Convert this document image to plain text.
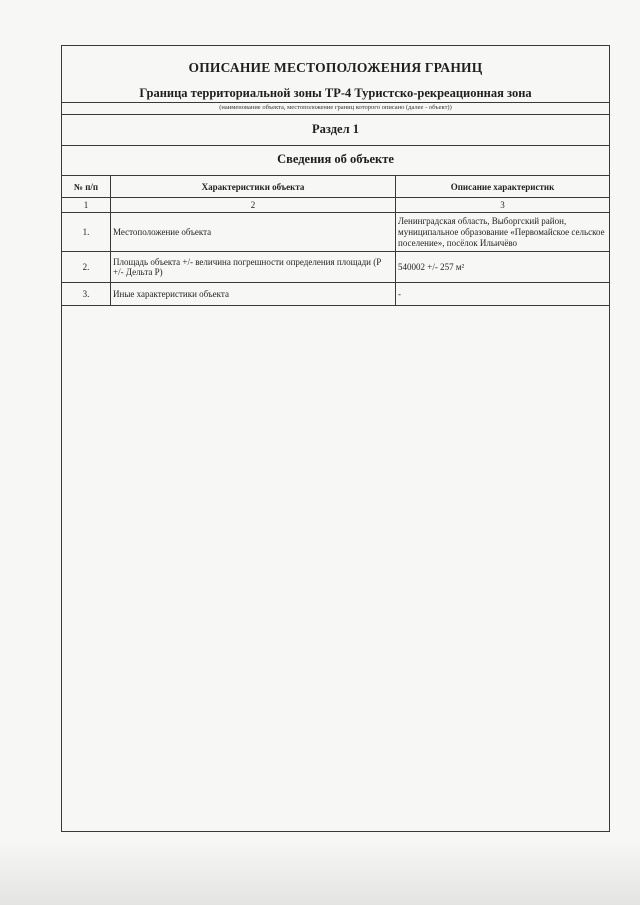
ОПИСАНИЕ МЕСТОПОЛОЖЕНИЯ ГРАНИЦ
Граница территориальной зоны ТР-4 Туристско-рекреационная зона
(наименование объекта, местоположение границ которого описано (далее - объект))
Раздел 1
Сведения об объекте
№ п/п	Характеристики объекта	Описание характеристик
1	2	3
1.	Местоположение объекта	Ленинградская область, Выборгский район, муниципальное образование «Первомайское сельское поселение», посёлок Ильичёво
2.	Площадь объекта +/- величина погрешности определения площади (Р +/- Дельта Р)	540002 +/- 257 м²
3.	Иные характеристики объекта	-
